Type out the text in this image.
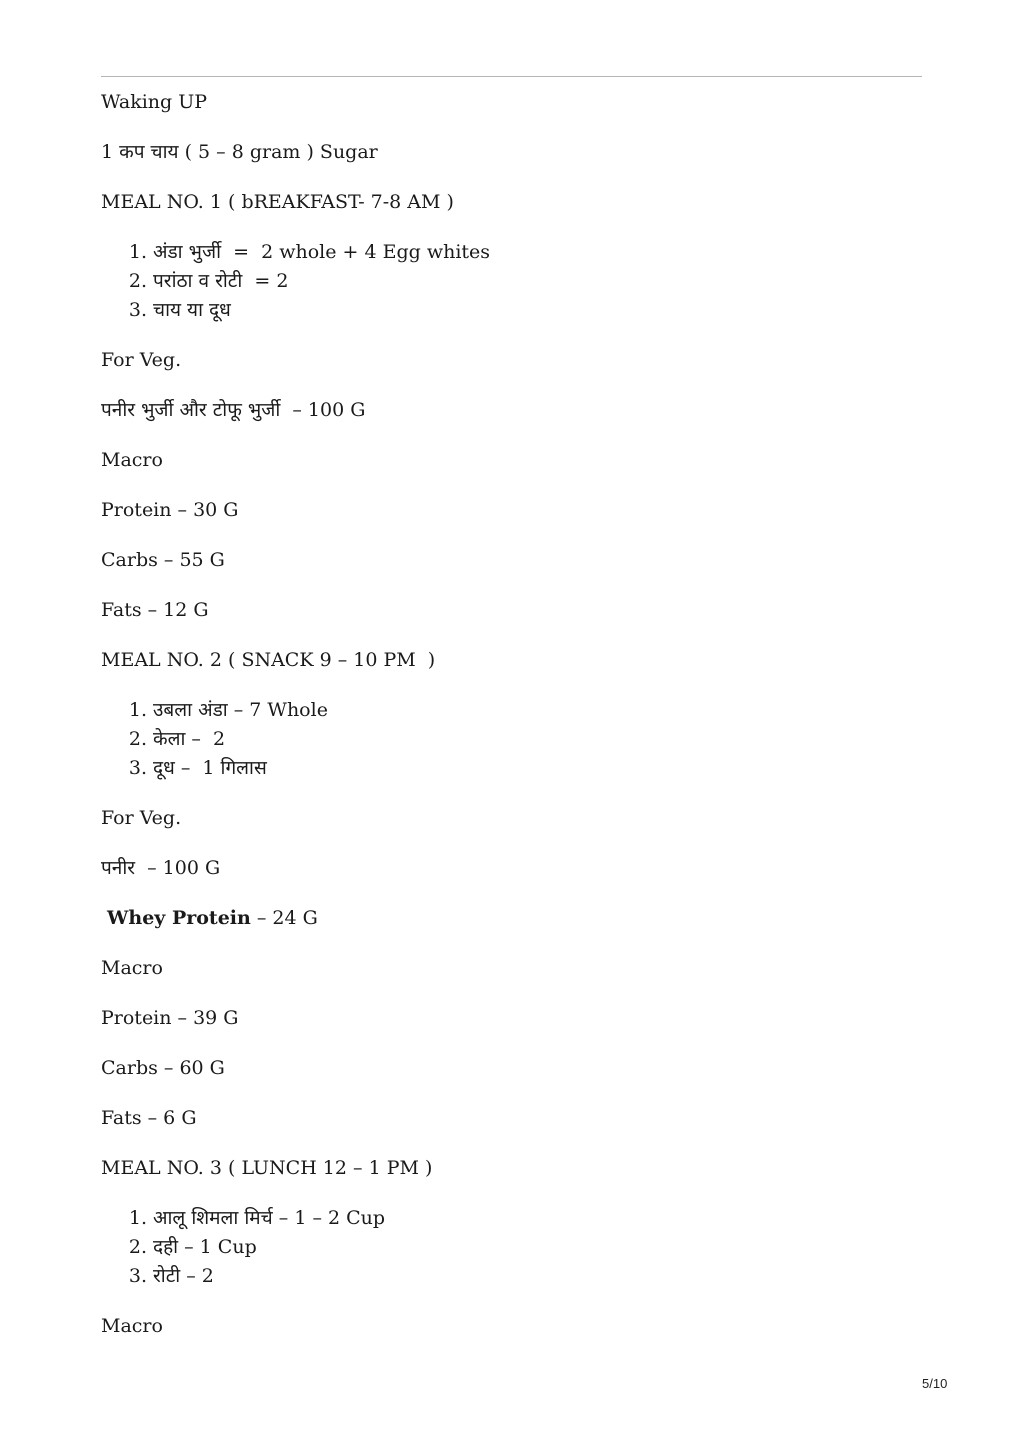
Waking UP

1 कप चाय ( 5 – 8 gram ) Sugar

MEAL NO. 1 ( bREAKFAST- 7-8 AM )

1. अंडा भुर्जी  =  2 whole + 4 Egg whites
2. परांठा व रोटी  = 2
3. चाय या दूध

For Veg.

पनीर भुर्जी और टोफू भुर्जी  – 100 G

Macro

Protein – 30 G

Carbs – 55 G

Fats – 12 G

MEAL NO. 2 ( SNACK 9 – 10 PM  )

1. उबला अंडा – 7 Whole
2. केला –  2
3. दूध –  1 गिलास

For Veg.

पनीर  – 100 G

Whey Protein – 24 G

Macro

Protein – 39 G

Carbs – 60 G

Fats – 6 G

MEAL NO. 3 ( LUNCH 12 – 1 PM )

1. आलू शिमला मिर्च – 1 – 2 Cup
2. दही – 1 Cup
3. रोटी – 2

Macro

5/10
